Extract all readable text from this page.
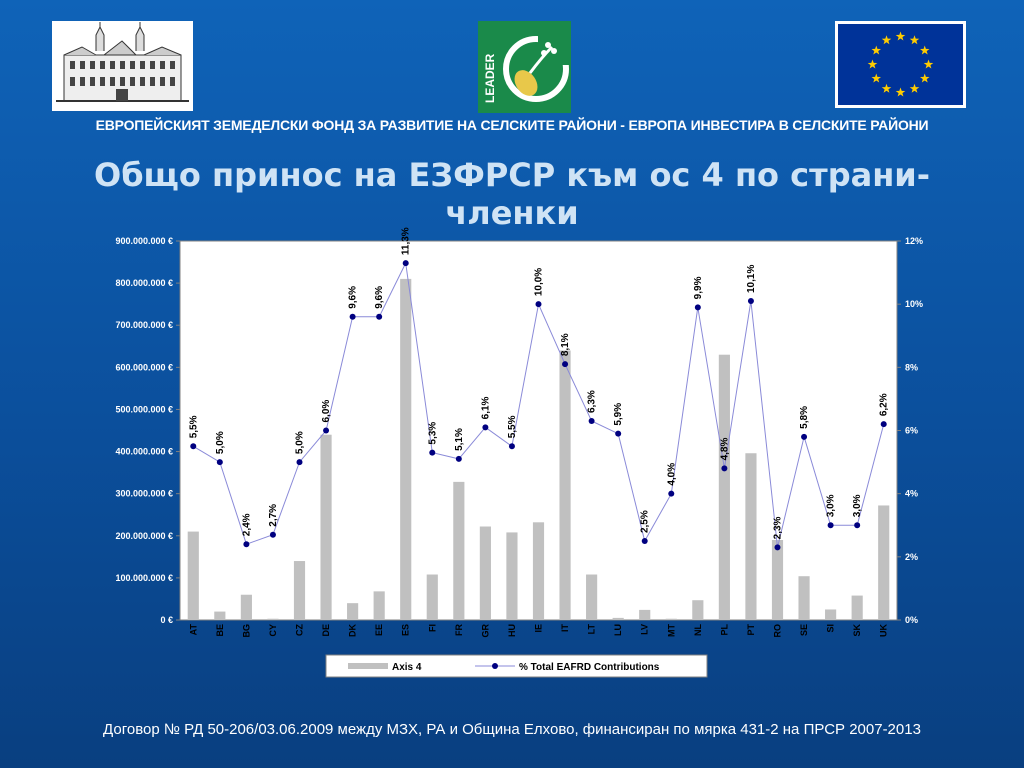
LEADER
ЕВРОПЕЙСКИЯТ ЗЕМЕДЕЛСКИ ФОНД ЗА РАЗВИТИЕ НА СЕЛСКИТЕ РАЙОНИ - ЕВРОПА ИНВЕСТИРА В СЕЛСКИТЕ РАЙОНИ
Общо принос на ЕЗФРСР към ос 4 по страни-членки
0 €
100.000.000 €
200.000.000 €
300.000.000 €
400.000.000 €
500.000.000 €
600.000.000 €
700.000.000 €
800.000.000 €
900.000.000 €
0%
2%
4%
6%
8%
10%
12%
5,5%
5,0%
2,4% 2,7%
5,0%
6,0%
9,6% 9,6%
11,3%
5,3% 5,1%
6,1%
5,5%
10,0%
8,1%
6,3%
5,9%
2,5%
4,0%
9,9%
4,8%
10,1%
2,3%
5,8%
3,0% 3,0%
6,2%
AT BE BG CY CZ DE DK EE ES FI FR GR HU IE IT LT LU LV MT NL PL PT RO SE SI SK UK
Axis 4	% Total EAFRD Contributions
Договор № РД 50-206/03.06.2009 между МЗХ, РА и Община Елхово, финансиран по мярка 431-2 на ПРСР 2007-2013
